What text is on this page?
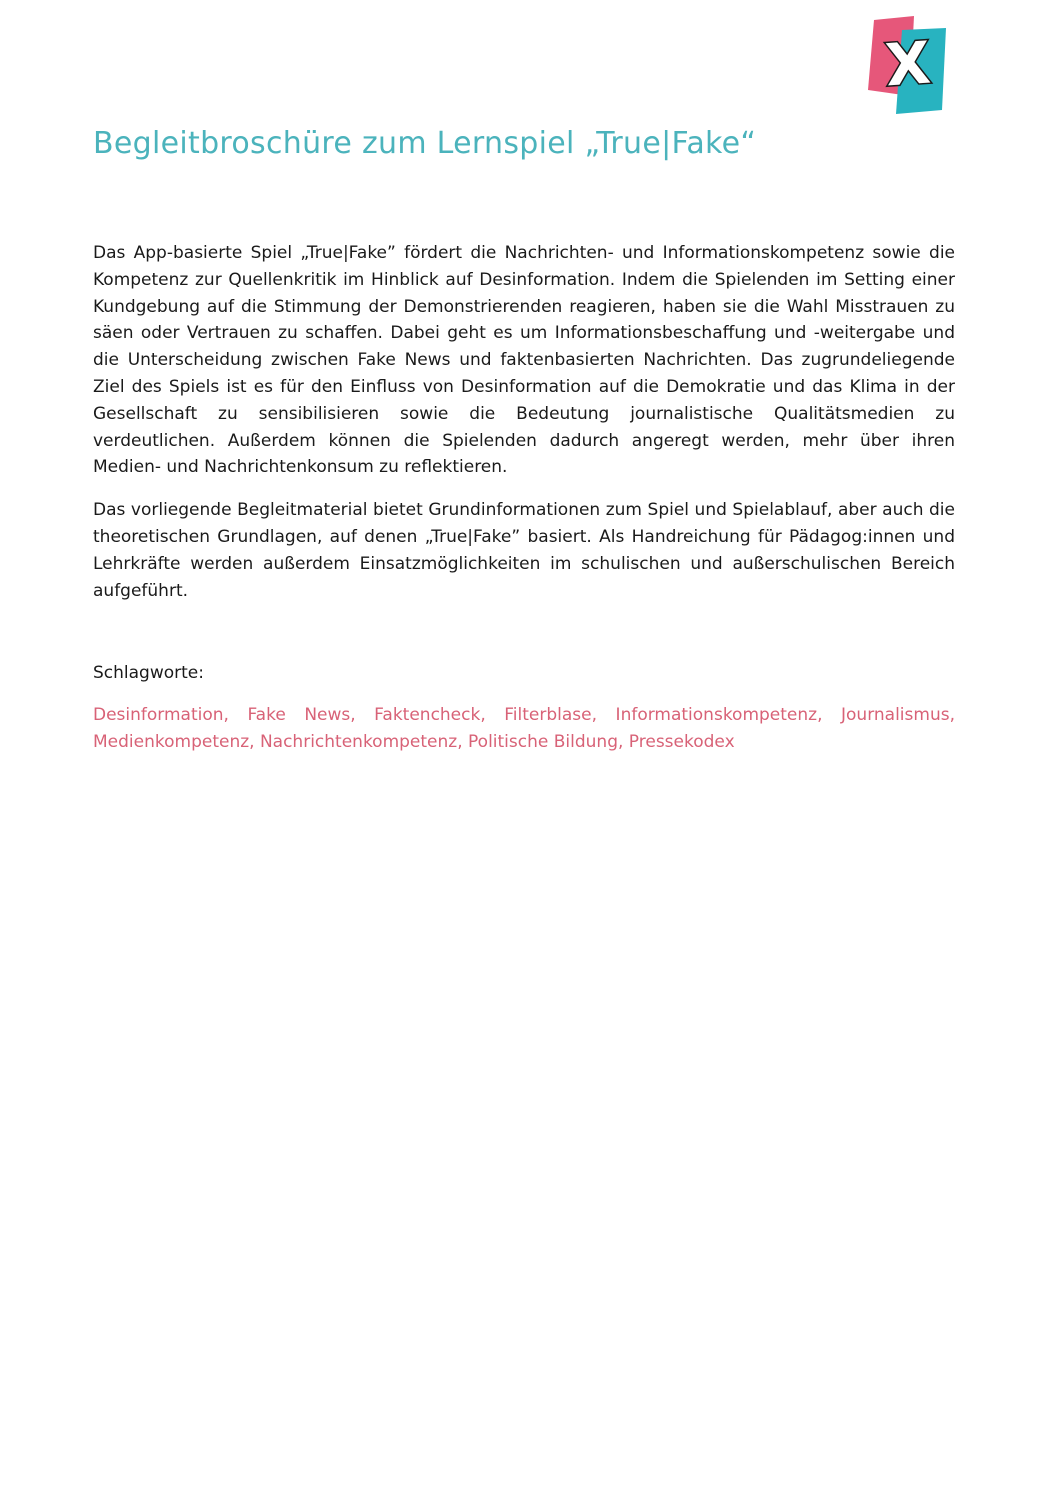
X
Begleitbroschüre zum Lernspiel „True|Fake“

Das App-basierte Spiel „True|Fake” fördert die Nachrichten- und Informationskompetenz sowie die Kompetenz zur Quellenkritik im Hinblick auf Desinformation. Indem die Spielenden im Setting einer Kundgebung auf die Stimmung der Demonstrierenden reagieren, haben sie die Wahl Misstrauen zu säen oder Vertrauen zu schaffen. Dabei geht es um Informationsbeschaffung und -weitergabe und die Unterscheidung zwischen Fake News und faktenbasierten Nachrichten. Das zugrundeliegende Ziel des Spiels ist es für den Einfluss von Desinformation auf die Demokratie und das Klima in der Gesellschaft zu sensibilisieren sowie die Bedeutung journalistische Qualitätsmedien zu verdeutlichen. Außerdem können die Spielenden dadurch angeregt werden, mehr über ihren Medien- und Nachrichtenkonsum zu reflektieren.

Das vorliegende Begleitmaterial bietet Grundinformationen zum Spiel und Spielablauf, aber auch die theoretischen Grundlagen, auf denen „True|Fake” basiert. Als Handreichung für Pädagog:innen und Lehrkräfte werden außerdem Einsatzmöglichkeiten im schulischen und außerschulischen Bereich aufgeführt.

Schlagworte:

Desinformation, Fake News, Faktencheck, Filterblase, Informationskompetenz, Journalismus, Medienkompetenz, Nachrichtenkompetenz, Politische Bildung, Pressekodex
